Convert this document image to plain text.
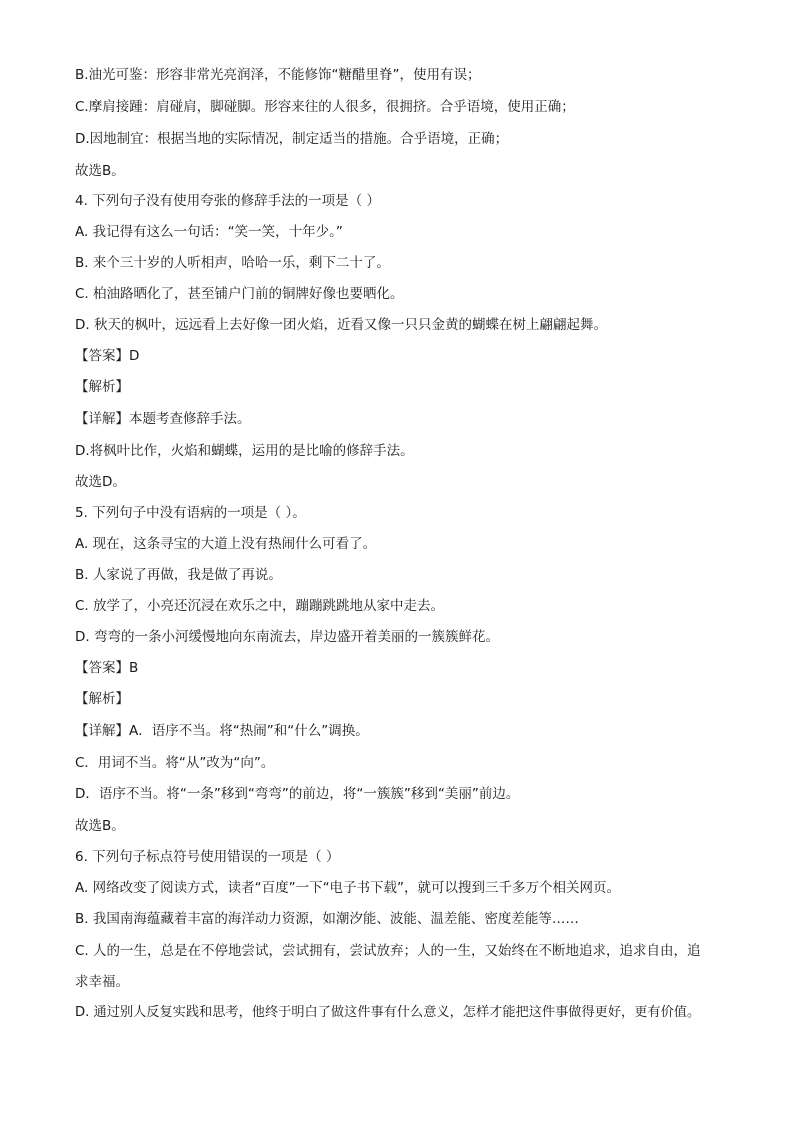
B.油光可鉴：形容非常光亮润泽，不能修饰“糖醋里脊”，使用有误；
C.摩肩接踵：肩碰肩，脚碰脚。形容来往的人很多，很拥挤。合乎语境，使用正确；
D.因地制宜：根据当地的实际情况，制定适当的措施。合乎语境，正确；
故选B。
4. 下列句子没有使用夸张的修辞手法的一项是（ ）
A. 我记得有这么一句话：“笑一笑，十年少。”
B. 来个三十岁的人听相声，哈哈一乐，剩下二十了。
C. 柏油路晒化了，甚至铺户门前的铜牌好像也要晒化。
D. 秋天的枫叶，远远看上去好像一团火焰，近看又像一只只金黄的蝴蝶在树上翩翩起舞。
【答案】D
【解析】
【详解】本题考查修辞手法。
D.将枫叶比作，火焰和蝴蝶，运用的是比喻的修辞手法。
故选D。
5. 下列句子中没有语病的一项是（ ）。
A. 现在，这条寻宝的大道上没有热闹什么可看了。
B. 人家说了再做，我是做了再说。
C. 放学了，小亮还沉浸在欢乐之中，蹦蹦跳跳地从家中走去。
D. 弯弯的一条小河缓慢地向东南流去，岸边盛开着美丽的一簇簇鲜花。
【答案】B
【解析】
【详解】A．语序不当。将“热闹”和“什么”调换。
C．用词不当。将“从”改为“向”。
D．语序不当。将“一条”移到“弯弯”的前边，将“一簇簇”移到“美丽”前边。
故选B。
6. 下列句子标点符号使用错误的一项是（ ）
A. 网络改变了阅读方式，读者“百度”一下“电子书下载”，就可以搜到三千多万个相关网页。
B. 我国南海蕴藏着丰富的海洋动力资源，如潮汐能、波能、温差能、密度差能等……
C. 人的一生，总是在不停地尝试，尝试拥有，尝试放弃；人的一生，又始终在不断地追求，追求自由，追
求幸福。
D. 通过别人反复实践和思考，他终于明白了做这件事有什么意义，怎样才能把这件事做得更好，更有价值。
